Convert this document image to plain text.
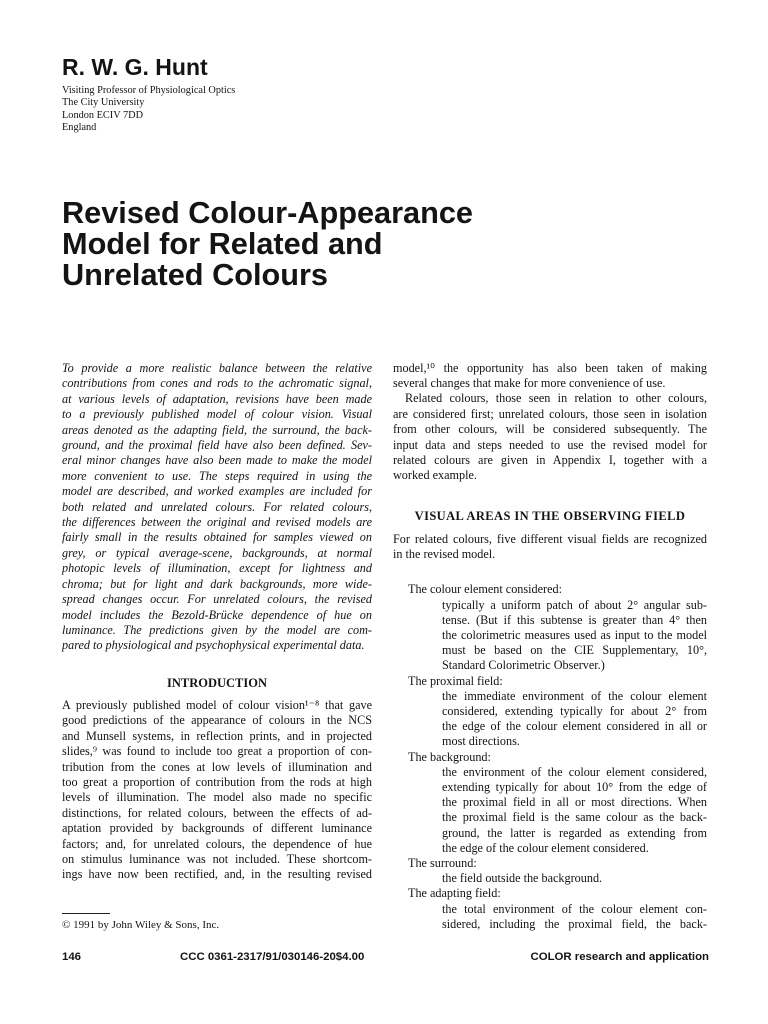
R. W. G. Hunt
Visiting Professor of Physiological Optics
The City University
London ECIV 7DD
England
Revised Colour-Appearance
Model for Related and
Unrelated Colours
To provide a more realistic balance between the relative
contributions from cones and rods to the achromatic signal,
at various levels of adaptation, revisions have been made
to a previously published model of colour vision. Visual
areas denoted as the adapting field, the surround, the back-
ground, and the proximal field have also been defined. Sev-
eral minor changes have also been made to make the model
more convenient to use. The steps required in using the
model are described, and worked examples are included for
both related and unrelated colours. For related colours,
the differences between the original and revised models are
fairly small in the results obtained for samples viewed on
grey, or typical average-scene, backgrounds, at normal
photopic levels of illumination, except for lightness and
chroma; but for light and dark backgrounds, more wide-
spread changes occur. For unrelated colours, the revised
model includes the Bezold-Brücke dependence of hue on
luminance. The predictions given by the model are com-
pared to physiological and psychophysical experimental data.
INTRODUCTION
A previously published model of colour vision¹⁻⁸ that gave
good predictions of the appearance of colours in the NCS
and Munsell systems, in reflection prints, and in projected
slides,⁹ was found to include too great a proportion of con-
tribution from the cones at low levels of illumination and
too great a proportion of contribution from the rods at high
levels of illumination. The model also made no specific
distinctions, for related colours, between the effects of ad-
aptation provided by backgrounds of different luminance
factors; and, for unrelated colours, the dependence of hue
on stimulus luminance was not included. These shortcom-
ings have now been rectified, and, in the resulting revised
© 1991 by John Wiley & Sons, Inc.
model,¹⁰ the opportunity has also been taken of making
several changes that make for more convenience of use.
Related colours, those seen in relation to other colours,
are considered first; unrelated colours, those seen in isolation
from other colours, will be considered subsequently. The
input data and steps needed to use the revised model for
related colours are given in Appendix I, together with a
worked example.
VISUAL AREAS IN THE OBSERVING FIELD
For related colours, five different visual fields are recognized
in the revised model.
The colour element considered:
typically a uniform patch of about 2° angular sub-
tense. (But if this subtense is greater than 4° then
the colorimetric measures used as input to the model
must be based on the CIE Supplementary, 10°,
Standard Colorimetric Observer.)
The proximal field:
the immediate environment of the colour element
considered, extending typically for about 2° from
the edge of the colour element considered in all or
most directions.
The background:
the environment of the colour element considered,
extending typically for about 10° from the edge of
the proximal field in all or most directions. When
the proximal field is the same colour as the back-
ground, the latter is regarded as extending from
the edge of the colour element considered.
The surround:
the field outside the background.
The adapting field:
the total environment of the colour element con-
sidered, including the proximal field, the back-
146	CCC 0361-2317/91/030146-20$4.00	COLOR research and application
